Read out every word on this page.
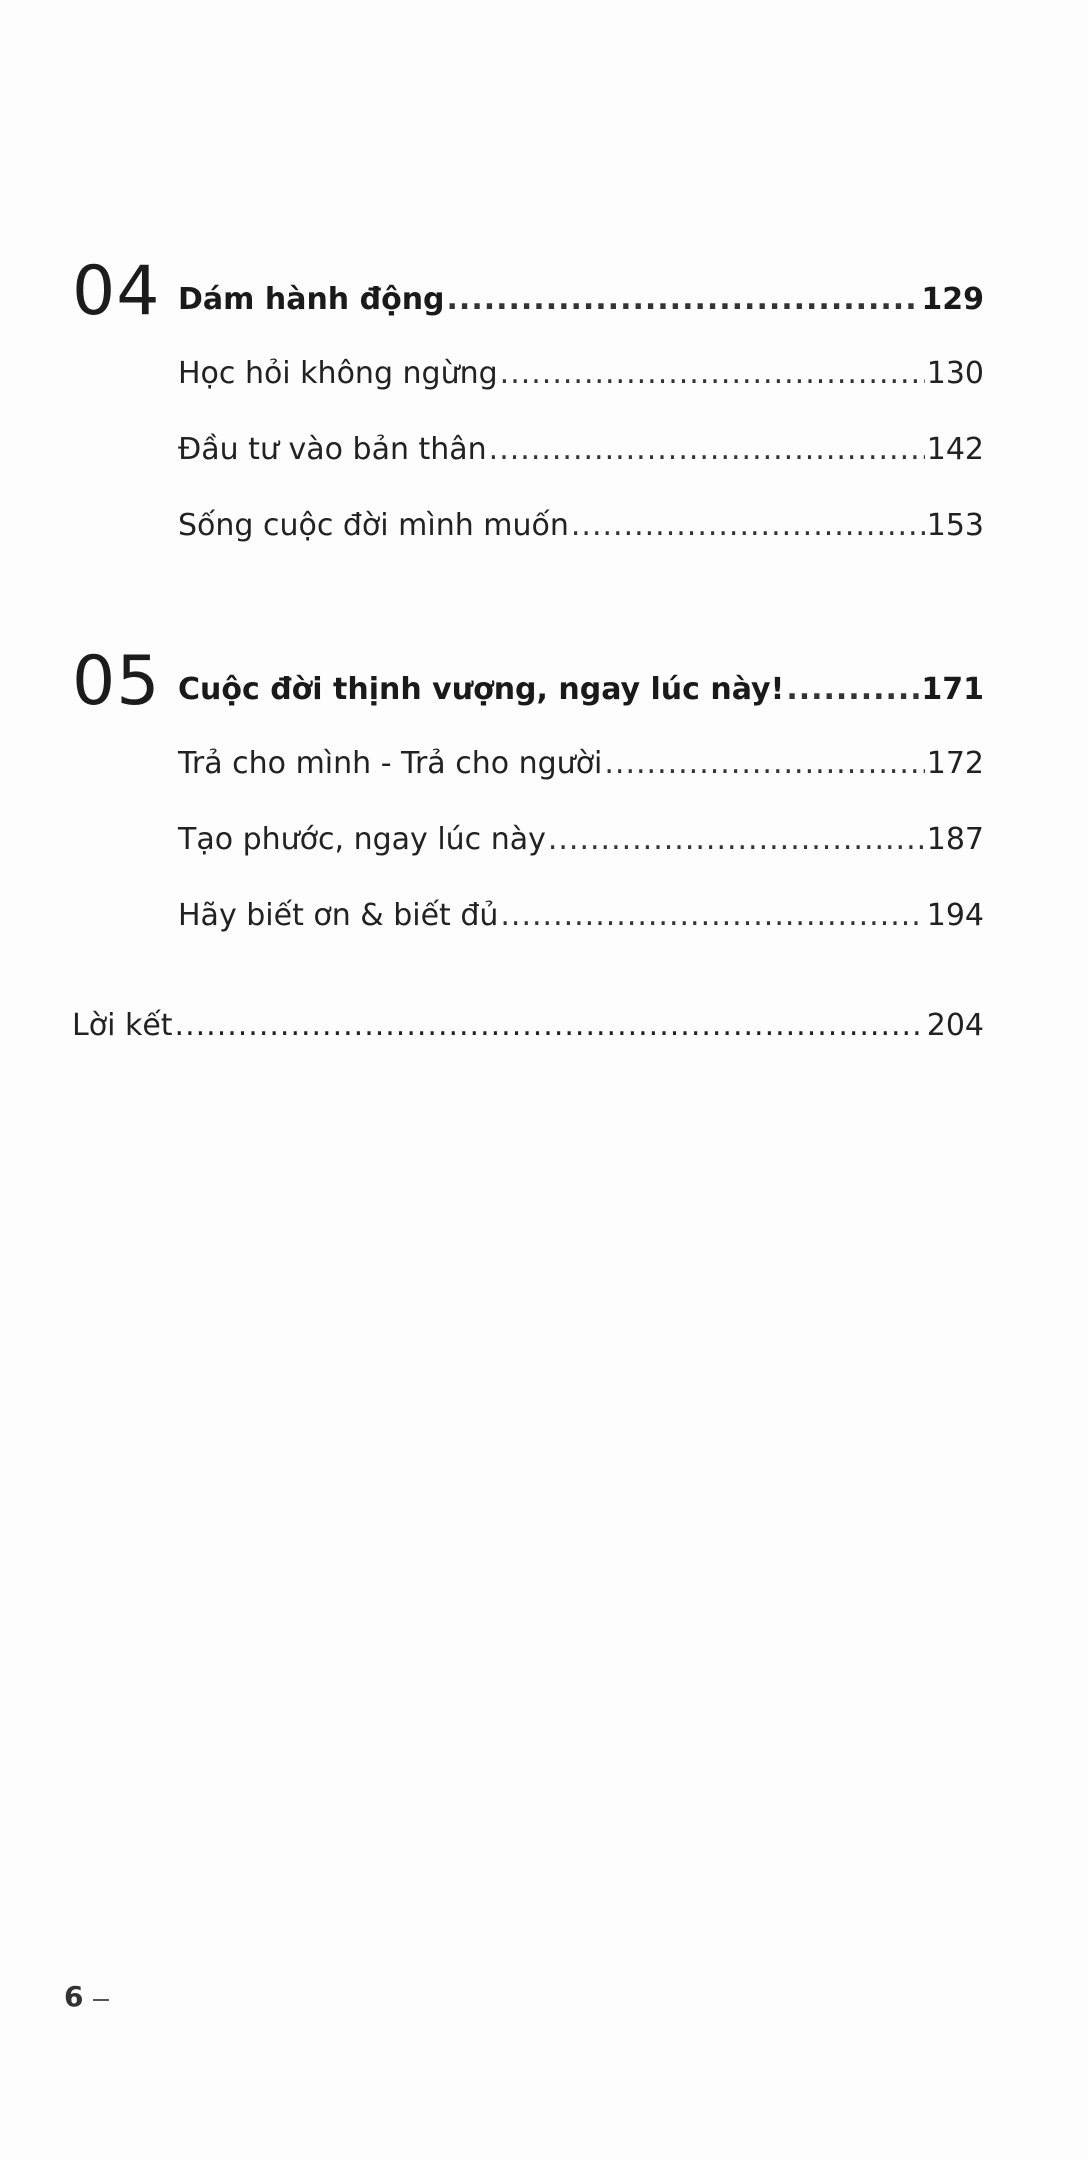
04 Dám hành động .....	129
Học hỏi không ngừng .....	130
Đầu tư vào bản thân .....	142
Sống cuộc đời mình muốn .....	153
05 Cuộc đời thịnh vượng, ngay lúc này! .....	171
Trả cho mình - Trả cho người .....	172
Tạo phước, ngay lúc này .....	187
Hãy biết ơn & biết đủ .....	194
Lời kết .....	204
6
